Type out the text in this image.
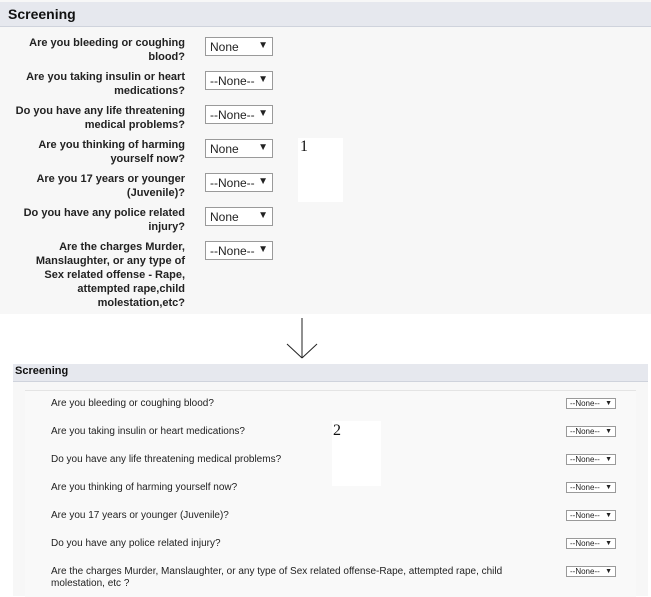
Screening
Are you bleeding or coughing
blood?
None ▼
Are you taking insulin or heart
medications?
--None-- ▼
Do you have any life threatening
medical problems?
--None-- ▼
Are you thinking of harming
yourself now?
None ▼
Are you 17 years or younger
(Juvenile)?
--None-- ▼
Do you have any police related
injury?
None ▼
Are the charges Murder,
Manslaughter, or any type of
Sex related offense - Rape,
attempted rape,child
molestation,etc?
--None-- ▼
1
Screening
Are you bleeding or coughing blood?	--None-- ▼
Are you taking insulin or heart medications?	--None-- ▼
Do you have any life threatening medical problems?	--None-- ▼
Are you thinking of harming yourself now?	--None-- ▼
Are you 17 years or younger (Juvenile)?	--None-- ▼
Do you have any police related injury?	--None-- ▼
Are the charges Murder, Manslaughter, or any type of Sex related offense-Rape, attempted rape, child
molestation, etc ?
--None-- ▼
2
